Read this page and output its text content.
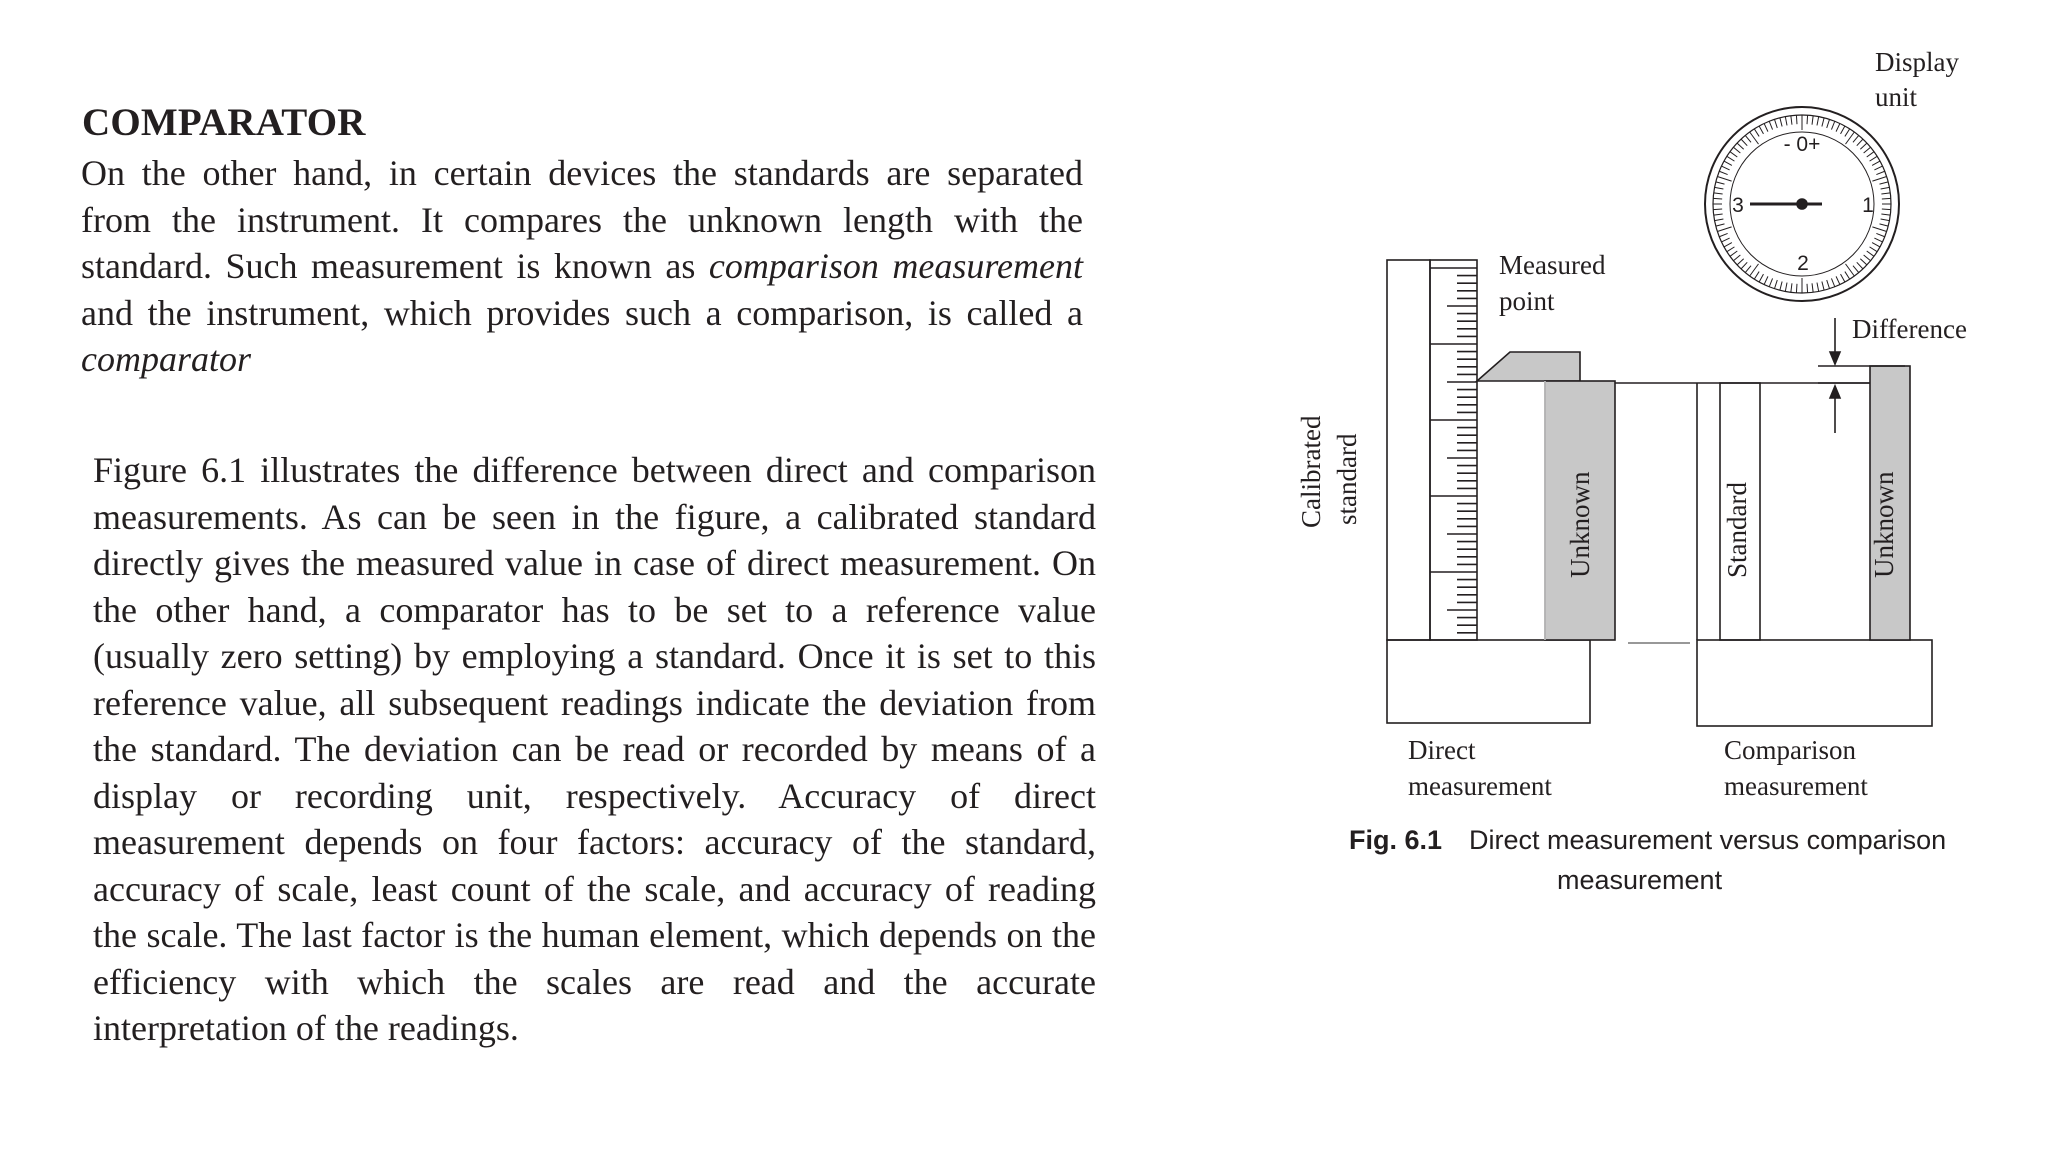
COMPARATOR

On the other hand, in certain devices the standards are separated from the instrument. It compares the unknown length with the standard. Such measurement is known as comparison measurement and the instrument, which provides such a comparison, is called a comparator

Figure 6.1 illustrates the difference between direct and comparison measurements. As can be seen in the figure, a calibrated standard directly gives the measured value in case of direct measurement. On the other hand, a comparator has to be set to a reference value (usually zero setting) by employing a standard. Once it is set to this reference value, all subsequent readings indicate the deviation from the standard. The deviation can be read or recorded by means of a display or recording unit, respectively. Accuracy of direct measurement depends on four factors: accuracy of the standard, accuracy of scale, least count of the scale, and accuracy of reading the scale. The last factor is the human element, which depends on the efficiency with which the scales are read and the accurate interpretation of the readings.

- 0+
1
2
3
Display
unit
Measured
point
Difference
Calibrated standard	Unknown	Standard	Unknown
Direct
measurement
Comparison
measurement
Fig. 6.1 Direct measurement versus comparison
measurement
